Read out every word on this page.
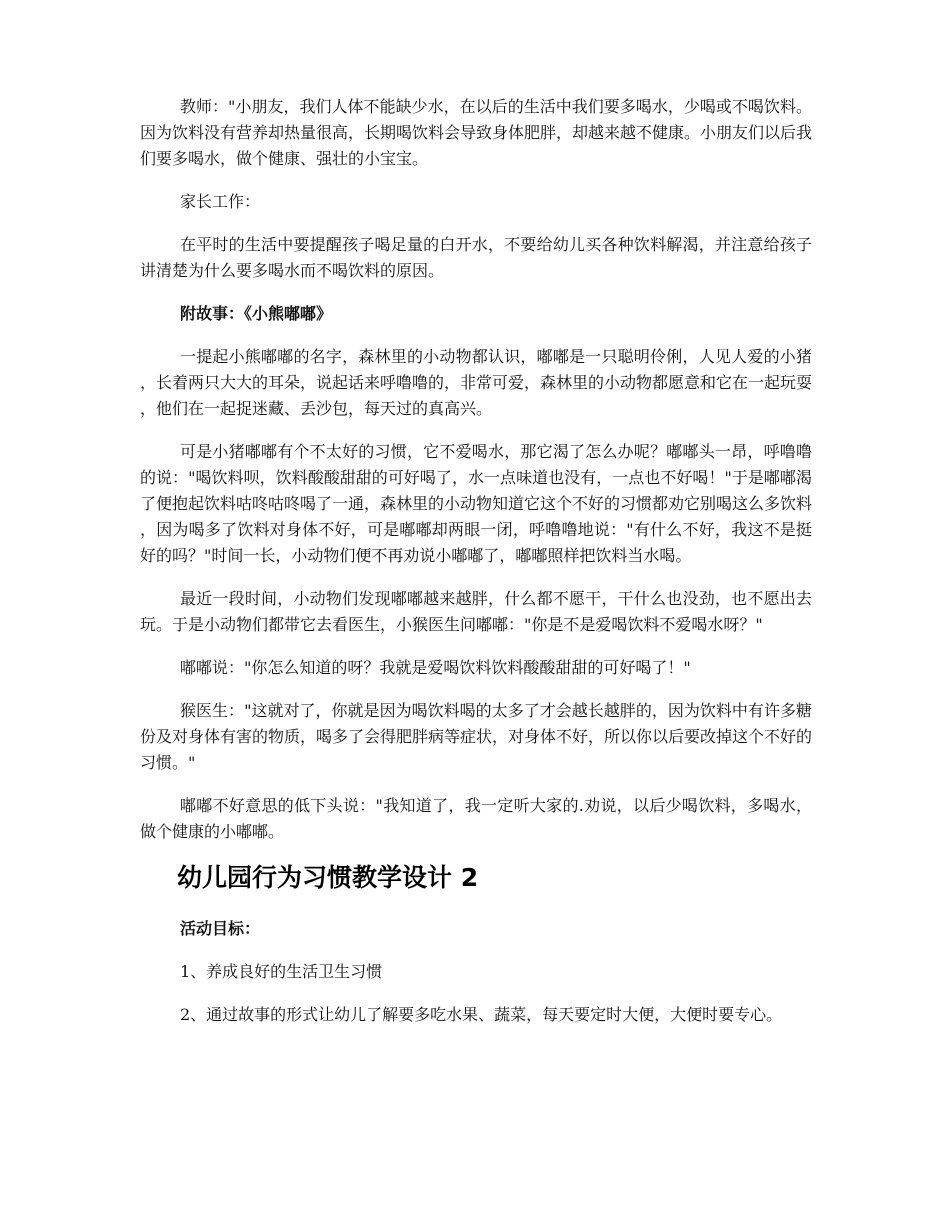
教师："小朋友，我们人体不能缺少水，在以后的生活中我们要多喝水，少喝或不喝饮料。因为饮料没有营养却热量很高，长期喝饮料会导致身体肥胖，却越来越不健康。小朋友们以后我们要多喝水，做个健康、强壮的小宝宝。

家长工作：

在平时的生活中要提醒孩子喝足量的白开水，不要给幼儿买各种饮料解渴，并注意给孩子讲清楚为什么要多喝水而不喝饮料的原因。

附故事：《小熊嘟嘟》

一提起小熊嘟嘟的名字，森林里的小动物都认识，嘟嘟是一只聪明伶俐，人见人爱的小猪，长着两只大大的耳朵，说起话来呼噜噜的，非常可爱，森林里的小动物都愿意和它在一起玩耍，他们在一起捉迷藏、丢沙包，每天过的真高兴。

可是小猪嘟嘟有个不太好的习惯，它不爱喝水，那它渴了怎么办呢？嘟嘟头一昂，呼噜噜的说："喝饮料呗，饮料酸酸甜甜的可好喝了，水一点味道也没有，一点也不好喝！"于是嘟嘟渴了便抱起饮料咕咚咕咚喝了一通，森林里的小动物知道它这个不好的习惯都劝它别喝这么多饮料，因为喝多了饮料对身体不好，可是嘟嘟却两眼一闭，呼噜噜地说："有什么不好，我这不是挺好的吗？"时间一长，小动物们便不再劝说小嘟嘟了，嘟嘟照样把饮料当水喝。

最近一段时间，小动物们发现嘟嘟越来越胖，什么都不愿干，干什么也没劲，也不愿出去玩。于是小动物们都带它去看医生，小猴医生问嘟嘟："你是不是爱喝饮料不爱喝水呀？"

嘟嘟说："你怎么知道的呀？我就是爱喝饮料饮料酸酸甜甜的可好喝了！"

猴医生："这就对了，你就是因为喝饮料喝的太多了才会越长越胖的，因为饮料中有许多糖份及对身体有害的物质，喝多了会得肥胖病等症状，对身体不好，所以你以后要改掉这个不好的习惯。"

嘟嘟不好意思的低下头说："我知道了，我一定听大家的.劝说，以后少喝饮料，多喝水，做个健康的小嘟嘟。

幼儿园行为习惯教学设计 2

活动目标：

1、养成良好的生活卫生习惯

2、通过故事的形式让幼儿了解要多吃水果、蔬菜，每天要定时大便，大便时要专心。
